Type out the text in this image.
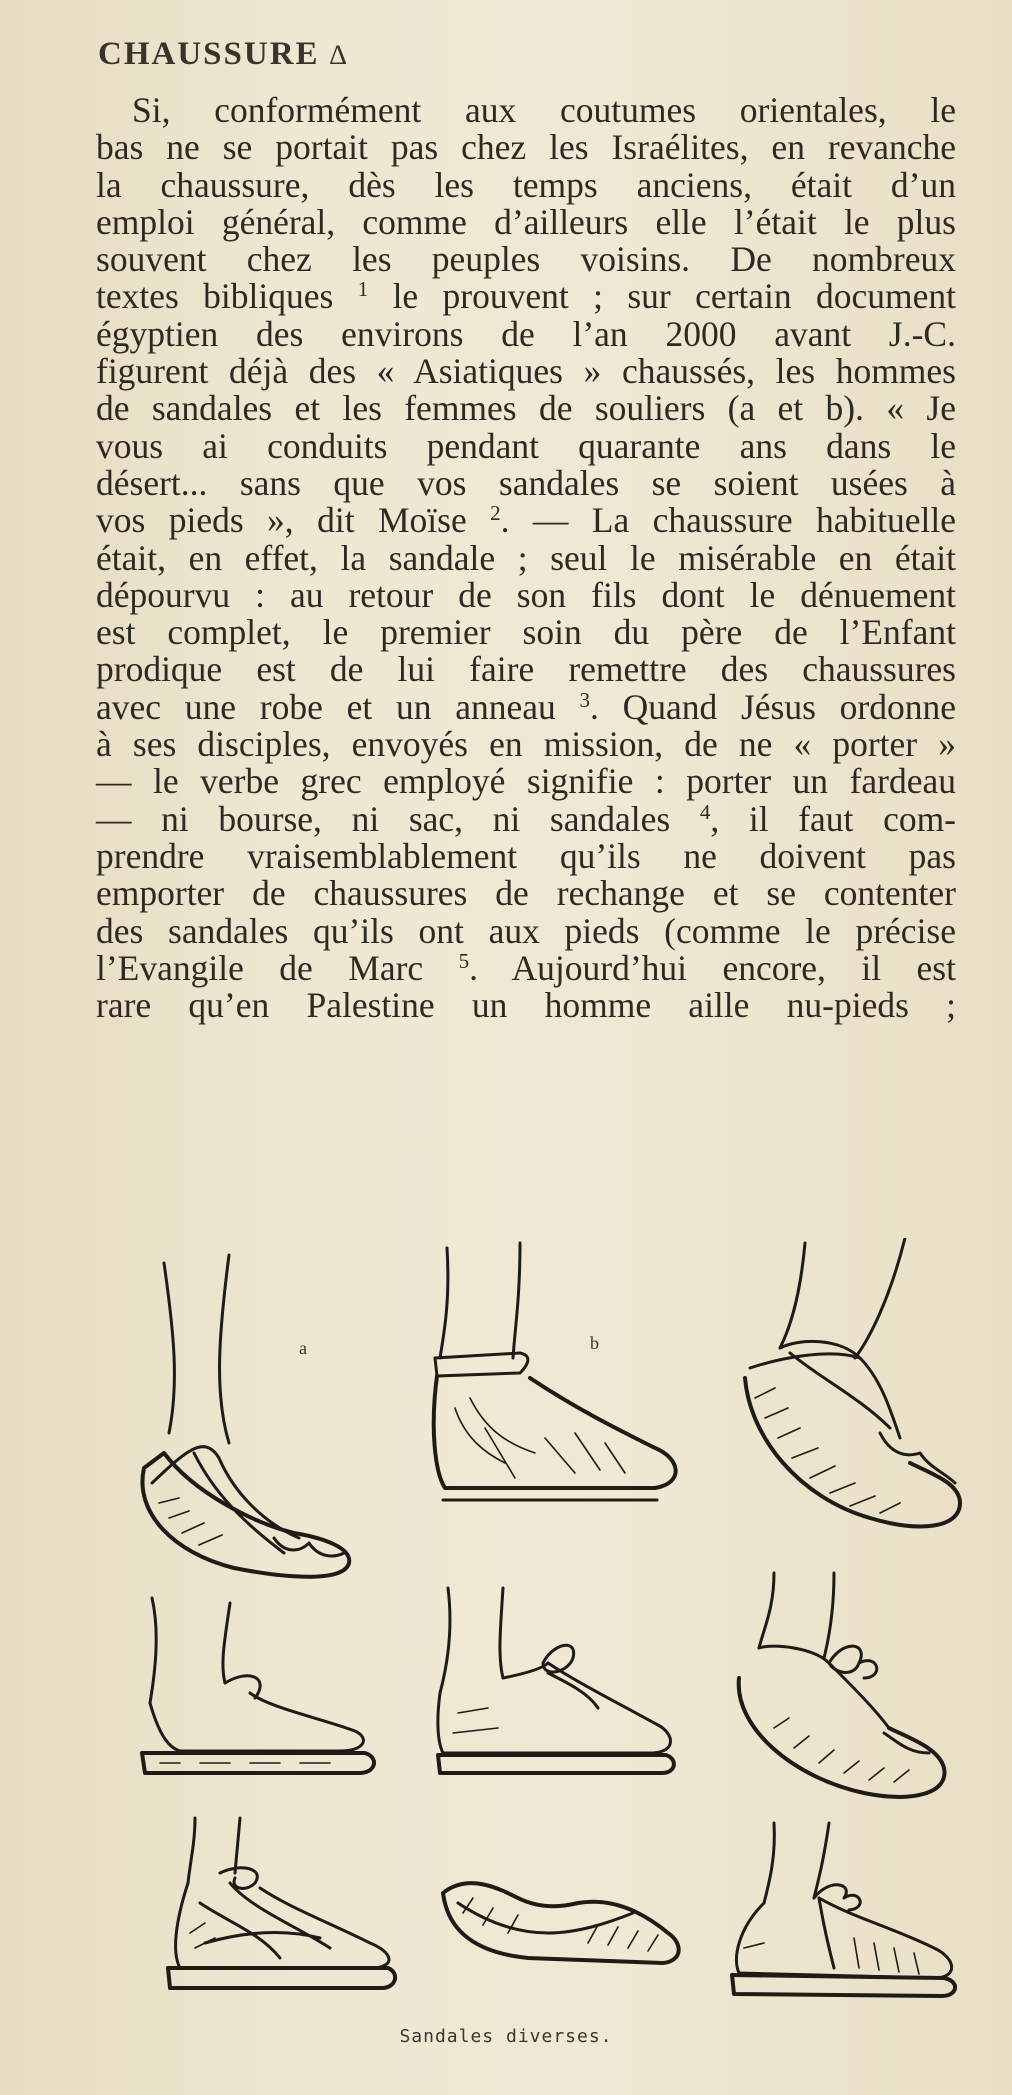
CHAUSSURE ∆
Si, conformément aux coutumes orientales, le
bas ne se portait pas chez les Israélites, en revanche
la chaussure, dès les temps anciens, était d’un
emploi général, comme d’ailleurs elle l’était le plus
souvent chez les peuples voisins. De nombreux
textes bibliques $^1$ le prouvent ; sur certain document
égyptien des environs de l’an 2000 avant J.-C.
figurent déjà des « Asiatiques » chaussés, les hommes
de sandales et les femmes de souliers (a et b). « Je
vous ai conduits pendant quarante ans dans le
désert... sans que vos sandales se soient usées à
vos pieds », dit Moïse $^2$. — La chaussure habituelle
était, en effet, la sandale ; seul le misérable en était
dépourvu : au retour de son fils dont le dénuement
est complet, le premier soin du père de l’Enfant
prodique est de lui faire remettre des chaussures
avec une robe et un anneau $^3$. Quand Jésus ordonne
à ses disciples, envoyés en mission, de ne « porter »
— le verbe grec employé signifie : porter un fardeau
— ni bourse, ni sac, ni sandales $^4$, il faut com-
prendre vraisemblablement qu’ils ne doivent pas
emporter de chaussures de rechange et se contenter
des sandales qu’ils ont aux pieds (comme le précise
l’Evangile de Marc $^5$. Aujourd’hui encore, il est
rare qu’en Palestine un homme aille nu-pieds ;
a	b
Sandales diverses.
